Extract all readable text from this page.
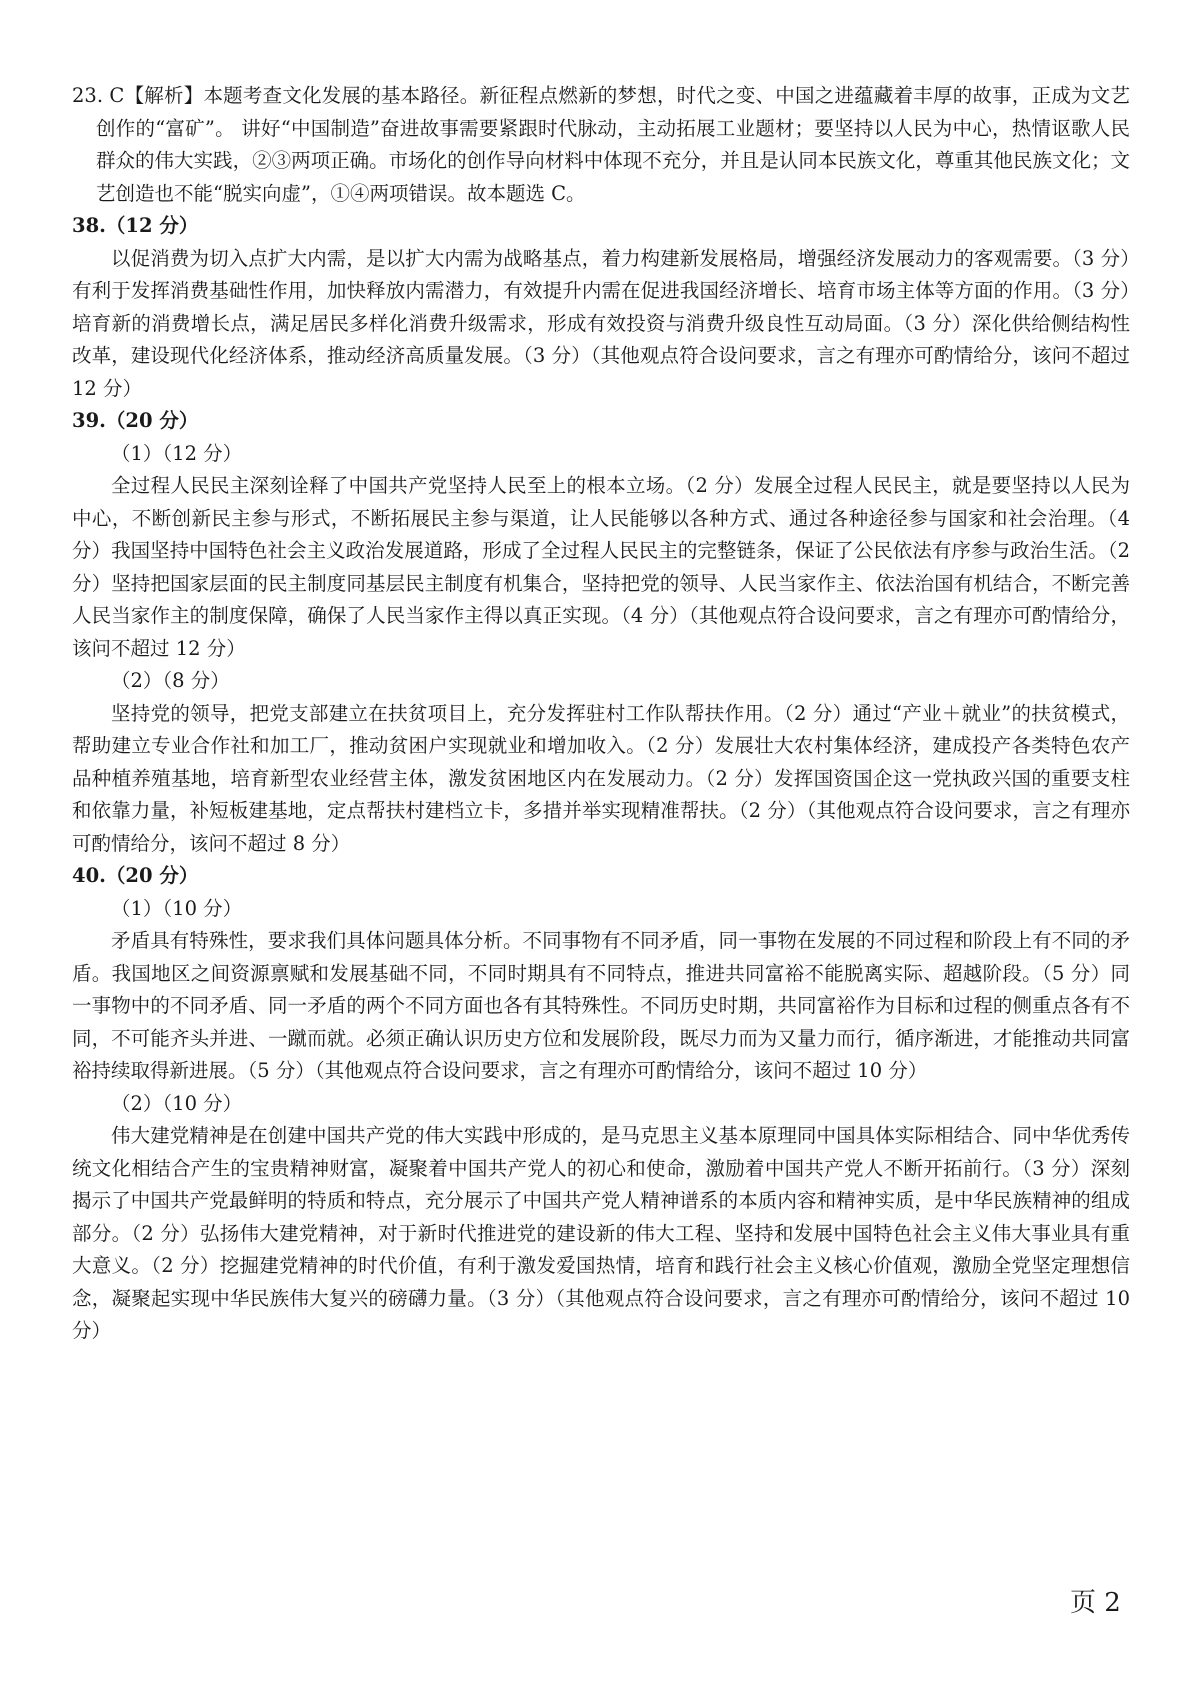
23. C【解析】本题考查文化发展的基本路径。新征程点燃新的梦想，时代之变、中国之进蕴藏着丰厚的故事，正成为文艺创作的“富矿”。 讲好“中国制造”奋进故事需要紧跟时代脉动，主动拓展工业题材；要坚持以人民为中心，热情讴歌人民群众的伟大实践，②③两项正确。市场化的创作导向材料中体现不充分，并且是认同本民族文化，尊重其他民族文化；文艺创造也不能“脱实向虚”，①④两项错误。故本题选 C。

38.（12 分）

以促消费为切入点扩大内需，是以扩大内需为战略基点，着力构建新发展格局，增强经济发展动力的客观需要。（3 分）有利于发挥消费基础性作用，加快释放内需潜力，有效提升内需在促进我国经济增长、培育市场主体等方面的作用。（3 分）培育新的消费增长点，满足居民多样化消费升级需求，形成有效投资与消费升级良性互动局面。（3 分）深化供给侧结构性改革，建设现代化经济体系，推动经济高质量发展。（3 分）（其他观点符合设问要求，言之有理亦可酌情给分，该问不超过 12 分）

39.（20 分）

（1）（12 分）

全过程人民民主深刻诠释了中国共产党坚持人民至上的根本立场。（2 分）发展全过程人民民主，就是要坚持以人民为中心，不断创新民主参与形式，不断拓展民主参与渠道，让人民能够以各种方式、通过各种途径参与国家和社会治理。（4 分）我国坚持中国特色社会主义政治发展道路，形成了全过程人民民主的完整链条，保证了公民依法有序参与政治生活。（2 分）坚持把国家层面的民主制度同基层民主制度有机集合，坚持把党的领导、人民当家作主、依法治国有机结合，不断完善人民当家作主的制度保障，确保了人民当家作主得以真正实现。（4 分）（其他观点符合设问要求，言之有理亦可酌情给分，该问不超过 12 分）

（2）（8 分）

坚持党的领导，把党支部建立在扶贫项目上，充分发挥驻村工作队帮扶作用。（2 分）通过“产业＋就业”的扶贫模式，帮助建立专业合作社和加工厂，推动贫困户实现就业和增加收入。（2 分）发展壮大农村集体经济，建成投产各类特色农产品种植养殖基地，培育新型农业经营主体，激发贫困地区内在发展动力。（2 分）发挥国资国企这一党执政兴国的重要支柱和依靠力量，补短板建基地，定点帮扶村建档立卡，多措并举实现精准帮扶。（2 分）（其他观点符合设问要求，言之有理亦可酌情给分，该问不超过 8 分）

40.（20 分）

（1）（10 分）

矛盾具有特殊性，要求我们具体问题具体分析。不同事物有不同矛盾，同一事物在发展的不同过程和阶段上有不同的矛盾。我国地区之间资源禀赋和发展基础不同，不同时期具有不同特点，推进共同富裕不能脱离实际、超越阶段。（5 分）同一事物中的不同矛盾、同一矛盾的两个不同方面也各有其特殊性。不同历史时期，共同富裕作为目标和过程的侧重点各有不同，不可能齐头并进、一蹴而就。必须正确认识历史方位和发展阶段，既尽力而为又量力而行，循序渐进，才能推动共同富裕持续取得新进展。（5 分）（其他观点符合设问要求，言之有理亦可酌情给分，该问不超过 10 分）

（2）（10 分）

伟大建党精神是在创建中国共产党的伟大实践中形成的，是马克思主义基本原理同中国具体实际相结合、同中华优秀传统文化相结合产生的宝贵精神财富，凝聚着中国共产党人的初心和使命，激励着中国共产党人不断开拓前行。（3 分）深刻揭示了中国共产党最鲜明的特质和特点，充分展示了中国共产党人精神谱系的本质内容和精神实质，是中华民族精神的组成部分。（2 分）弘扬伟大建党精神，对于新时代推进党的建设新的伟大工程、坚持和发展中国特色社会主义伟大事业具有重大意义。（2 分）挖掘建党精神的时代价值，有利于激发爱国热情，培育和践行社会主义核心价值观，激励全党坚定理想信念，凝聚起实现中华民族伟大复兴的磅礴力量。（3 分）（其他观点符合设问要求，言之有理亦可酌情给分，该问不超过 10 分）

页 2
